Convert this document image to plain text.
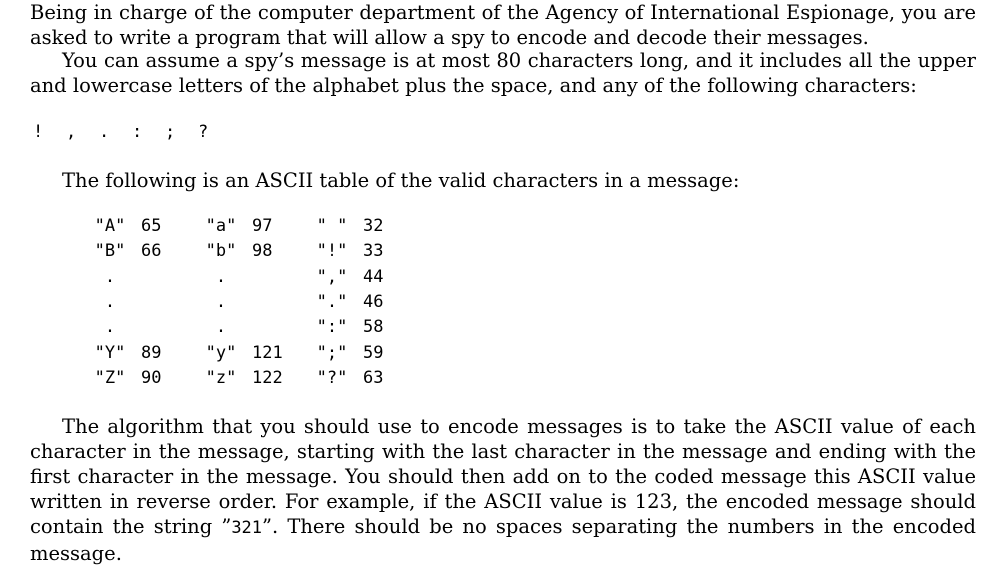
Being in charge of the computer department of the Agency of International Espionage, you are asked to write a program that will allow a spy to encode and decode their messages.

You can assume a spy’s message is at most 80 characters long, and it includes all the upper and lowercase letters of the alphabet plus the space, and any of the following characters:

! , . : ; ?

The following is an ASCII table of the valid characters in a message:

"A" 65	"a" 97	" " 32
"B" 66	"b" 98	"!" 33
.	.	"," 44
.	.	"." 46
.	.	":" 58
"Y" 89	"y" 121	";" 59
"Z" 90	"z" 122	"?" 63

The algorithm that you should use to encode messages is to take the ASCII value of each character in the message, starting with the last character in the message and ending with the first character in the message. You should then add on to the coded message this ASCII value written in reverse order. For example, if the ASCII value is 123, the encoded message should contain the string ”321”. There should be no spaces separating the numbers in the encoded message.
